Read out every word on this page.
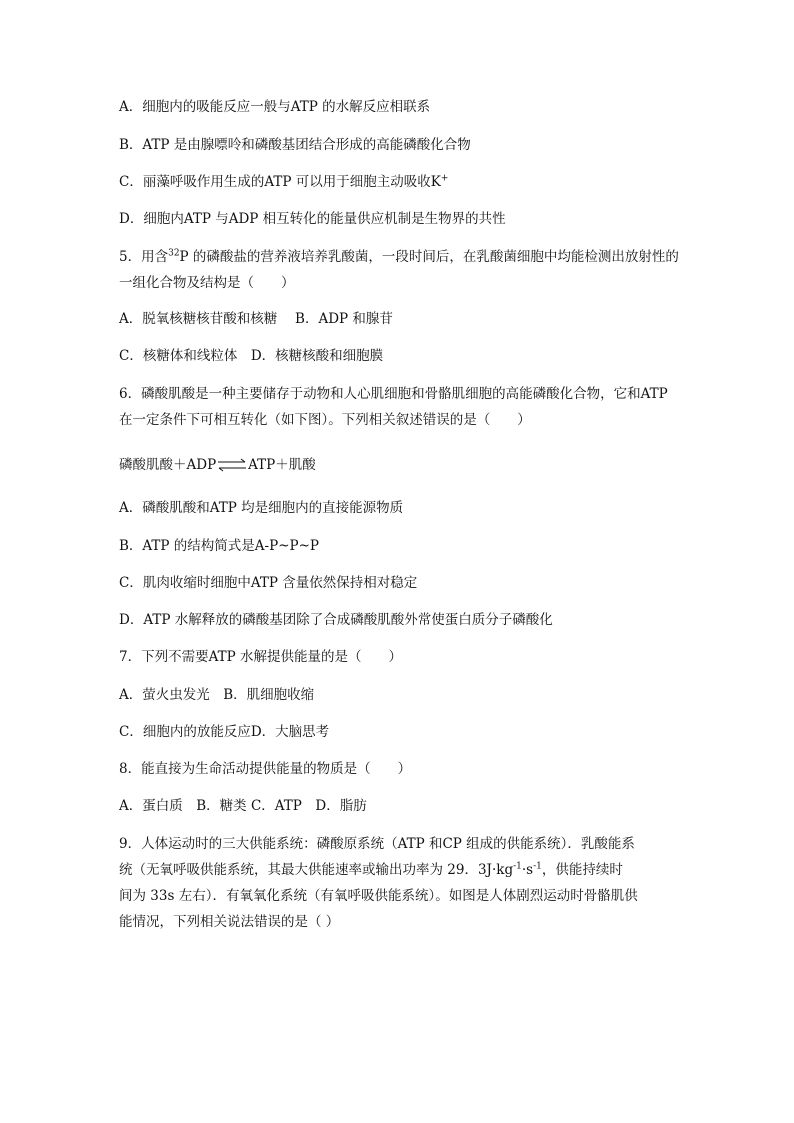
A．细胞内的吸能反应一般与ATP 的水解反应相联系
B．ATP 是由腺嘌呤和磷酸基团结合形成的高能磷酸化合物
C．丽藻呼吸作用生成的ATP 可以用于细胞主动吸收K+
D．细胞内ATP 与ADP 相互转化的能量供应机制是生物界的共性
5．用含$^{32}$P 的磷酸盐的营养液培养乳酸菌，一段时间后，在乳酸菌细胞中均能检测出放射性的一组化合物及结构是（　　）
A．脱氧核糖核苷酸和核糖　 B．ADP 和腺苷
C．核糖体和线粒体　D．核糖核酸和细胞膜
6．磷酸肌酸是一种主要储存于动物和人心肌细胞和骨骼肌细胞的高能磷酸化合物，它和ATP 在一定条件下可相互转化（如下图）。下列相关叙述错误的是（　　）
磷酸肌酸＋ADP ⇌ ATP＋肌酸
A．磷酸肌酸和ATP 均是细胞内的直接能源物质
B．ATP 的结构简式是A-P~P~P
C．肌肉收缩时细胞中ATP 含量依然保持相对稳定
D．ATP 水解释放的磷酸基团除了合成磷酸肌酸外常使蛋白质分子磷酸化
7．下列不需要ATP 水解提供能量的是（　　）
A．萤火虫发光　B．肌细胞收缩
C．细胞内的放能反应D．大脑思考
8．能直接为生命活动提供能量的物质是（　　）
A．蛋白质　B．糖类 C．ATP　D．脂肪
9．人体运动时的三大供能系统：磷酸原系统（ATP 和CP 组成的供能系统）．乳酸能系
统（无氧呼吸供能系统，其最大供能速率或输出功率为 29．$3J\cdot kg^{-1}\cdot s^{-1}$，供能持续时
间为 33s 左右）．有氧氧化系统（有氧呼吸供能系统）。如图是人体剧烈运动时骨骼肌供
能情况，下列相关说法错误的是（ ）
